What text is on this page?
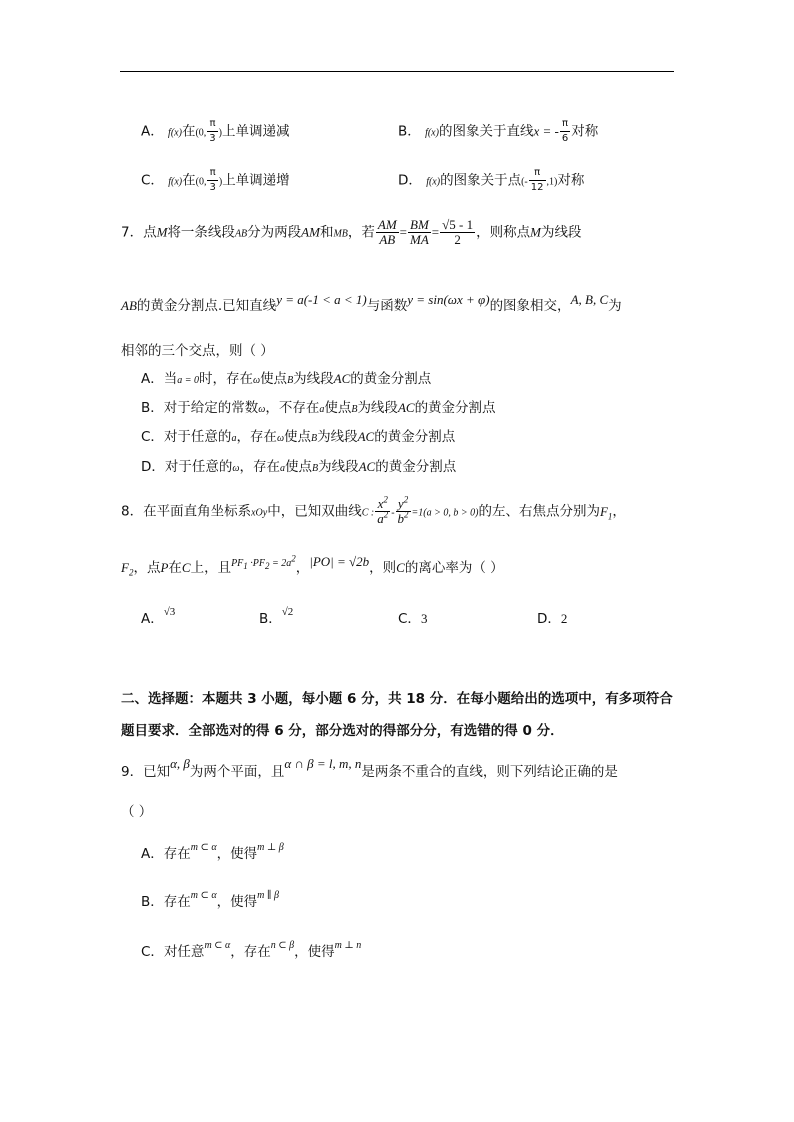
A． f(x)在(0, $\frac{\pi}{3}$ )上单调递减	B． f(x)的图象关于直线x = - $\frac{\pi}{6}$ 对称
C． f(x)在(0, $\frac{\pi}{3}$ )上单调递增	D． f(x)的图象关于点(- $\frac{\pi}{12} ,1$)对称
7．点M将一条线段AB分为两段AM和MB，若 $\frac{AM}{AB} = \frac{BM}{MA} = \frac{√5 - 1}{2}$ ，则称点M为线段
AB的黄金分割点.已知直线y = a(-1 < a < 1)与函数y = sin(ωx + φ)的图象相交，A, B, C为
相邻的三个交点，则（ ）
A．当a = 0时，存在ω使点B为线段AC的黄金分割点
B．对于给定的常数ω，不存在a使点B为线段AC的黄金分割点
C．对于任意的a，存在ω使点B为线段AC的黄金分割点
D．对于任意的ω，存在a使点B为线段AC的黄金分割点
8．在平面直角坐标系xOy中，已知双曲线C : $\frac{x^2}{a^2} - \frac{y^2}{b^2} =1(a > 0$, b > 0)的左、右焦点分别为$F_1$，
$F_2$，点P在C上，且$^{PF_1 \cdot PF_2 = 2a^2}$，|PO| = √2b，则C的离心率为（ ）
A．$^{√3}$	B．$^{√2}$	C．3	D．2
二、选择题：本题共 3 小题，每小题 6 分，共 18 分．在每小题给出的选项中，有多项符合
题目要求．全部选对的得 6 分，部分选对的得部分分，有选错的得 0 分．
9．已知α, β为两个平面，且α ∩ β = l, m, n是两条不重合的直线，则下列结论正确的是
（ ）
A．存在$^{m \subset \alpha}$，使得$^{m \perp \beta}$
B．存在$^{m \subset \alpha}$，使得$^{m \parallel \beta}$
C．对任意$^{m \subset \alpha}$，存在$^{n \subset \beta}$，使得$^{m \perp n}$
